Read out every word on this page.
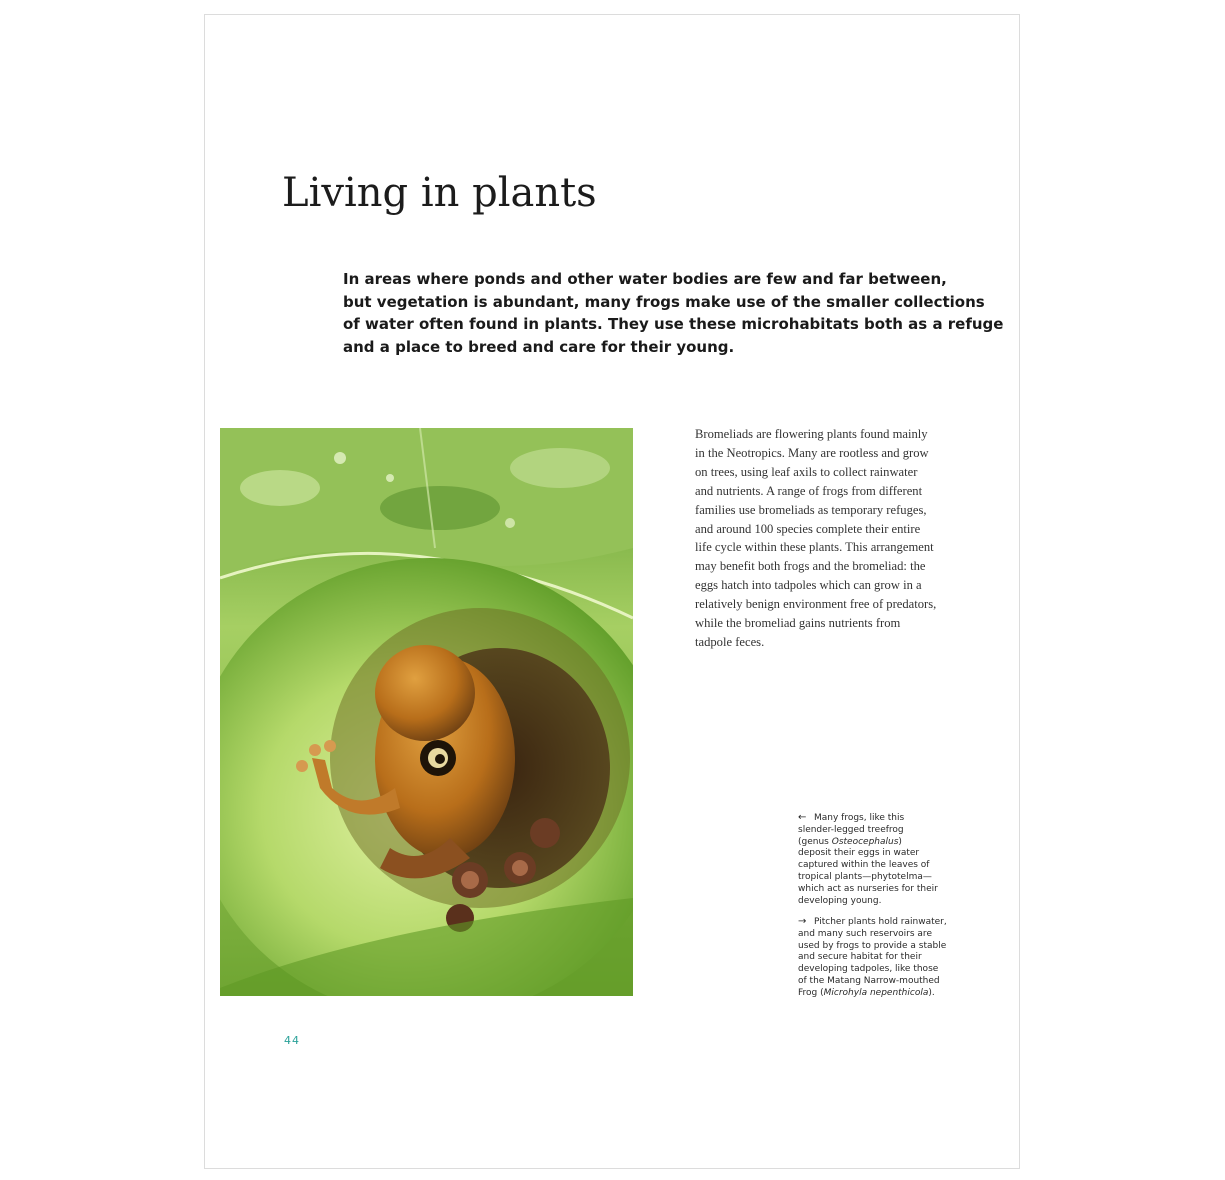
Living in plants

In areas where ponds and other water bodies are few and far between,
but vegetation is abundant, many frogs make use of the smaller collections
of water often found in plants. They use these microhabitats both as a refuge
and a place to breed and care for their young.

Bromeliads are flowering plants found mainly
in the Neotropics. Many are rootless and grow
on trees, using leaf axils to collect rainwater
and nutrients. A range of frogs from different
families use bromeliads as temporary refuges,
and around 100 species complete their entire
life cycle within these plants. This arrangement
may benefit both frogs and the bromeliad: the
eggs hatch into tadpoles which can grow in a
relatively benign environment free of predators,
while the bromeliad gains nutrients from
tadpole feces.
← Many frogs, like this
slender-legged treefrog
(genus Osteocephalus)
deposit their eggs in water
captured within the leaves of
tropical plants—phytotelma—
which act as nurseries for their
developing young.
→ Pitcher plants hold rainwater,
and many such reservoirs are
used by frogs to provide a stable
and secure habitat for their
developing tadpoles, like those
of the Matang Narrow-mouthed
Frog (Microhyla nepenthicola).
44
